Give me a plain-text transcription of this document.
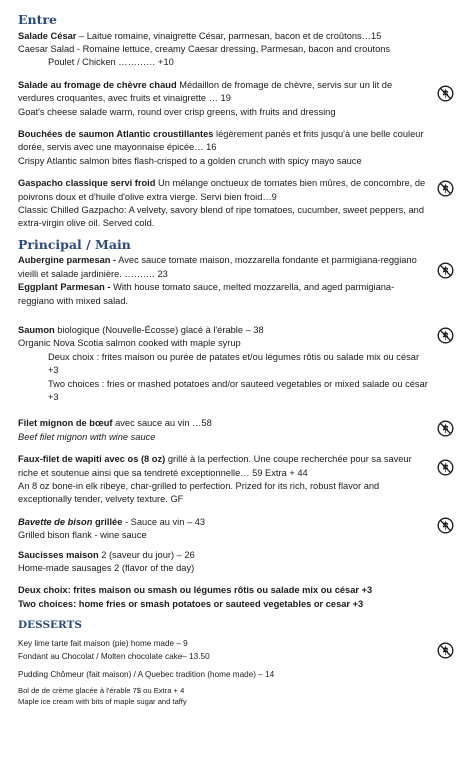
Entre
Salade César – Laitue romaine, vinaigrette César, parmesan, bacon et de croûtons…15
Caesar Salad - Romaine lettuce, creamy Caesar dressing, Parmesan, bacon and croutons
Poulet / Chicken ………… +10
Salade au fromage de chèvre chaud Médaillon de fromage de chèvre, servis sur un lit de verdures croquantes, avec fruits et vinaigrette … 19
Goat's cheese salade warm, round over crisp greens, with fruits and dressing
Bouchées de saumon Atlantic croustillantes légèrement panés et frits jusqu'à une belle couleur dorée, servis avec une mayonnaise épicée… 16
Crispy Atlantic salmon bites flash-crisped to a golden crunch with spicy mayo sauce
Gaspacho classique servi froid Un mélange onctueux de tomates bien mûres, de concombre, de poivrons doux et d'huile d'olive extra vierge. Servi bien froid…9
Classic Chilled Gazpacho: A velvety, savory blend of ripe tomatoes, cucumber, sweet peppers, and extra-virgin olive oil. Served cold.
Principal / Main
Aubergine parmesan - Avec sauce tomate maison, mozzarella fondante et parmigiana-reggiano vieilli et salade jardinière. ………. 23
Eggplant Parmesan - With house tomato sauce, melted mozzarella, and aged parmigiana-reggiano with mixed salad.
Saumon biologique (Nouvelle-Écosse) glacé à l'érable – 38
Organic Nova Scotia salmon cooked with maple syrup
Deux choix : frites maison ou purée de patates et/ou légumes rôtis ou salade mix ou césar +3
Two choices : fries or mashed potatoes and/or sauteed vegetables or mixed salade ou césar +3
Filet mignon de bœuf avec sauce au vin …58
Beef filet mignon with wine sauce
Faux-filet de wapiti avec os (8 oz) grillé à la perfection. Une coupe recherchée pour sa saveur riche et soutenue ainsi que sa tendreté exceptionnelle… 59 Extra + 44
An 8 oz bone-in elk ribeye, char-grilled to perfection. Prized for its rich, robust flavor and exceptionally tender, velvety texture. GF
Bavette de bison grillée - Sauce au vin – 43
Grilled bison flank - wine sauce
Saucisses maison 2 (saveur du jour) – 26
Home-made sausages 2 (flavor of the day)
Deux choix: frites maison ou smash ou légumes rôtis ou salade mix ou césar +3
Two choices: home fries or smash potatoes or sauteed vegetables or cesar +3
DESSERTS
Key lime tarte fait maison (pie) home made – 9
Fondant au Chocolat / Molten chocolate cake– 13.50
Pudding Chômeur (fait maison) / A Quebec tradition (home made) – 14
Bol de de crème glacée à l'érable 7$ ou Extra + 4
Maple ice cream with bits of maple sugar and taffy
